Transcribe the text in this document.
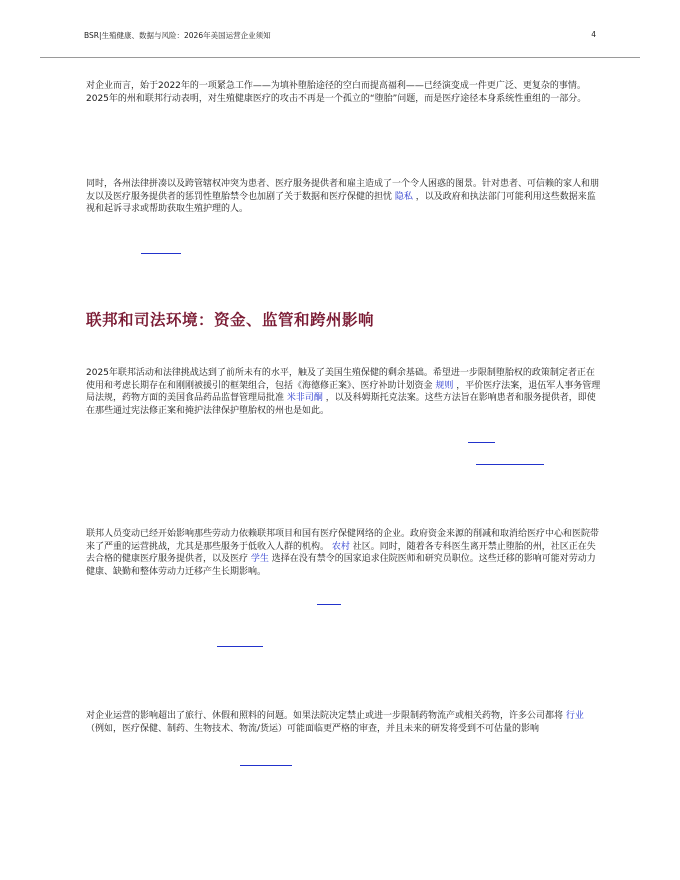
BSR|生殖健康、数据与风险：2026年美国运营企业须知	4

对企业而言，始于2022年的一项紧急工作——为填补堕胎途径的空白而提高福利——已经演变成一件更广泛、更复杂的事情。2025年的州和联邦行动表明，对生殖健康医疗的攻击不再是一个孤立的“堕胎”问题，而是医疗途径本身系统性重组的一部分。

同时，各州法律拼凑以及跨管辖权冲突为患者、医疗服务提供者和雇主造成了一个令人困惑的图景。针对患者、可信赖的家人和朋友以及医疗服务提供者的惩罚性堕胎禁令也加剧了关于数据和医疗保健的担忧 隐私 ，以及政府和执法部门可能利用这些数据来监视和起诉寻求或帮助获取生殖护理的人。

联邦和司法环境：资金、监管和跨州影响

2025年联邦活动和法律挑战达到了前所未有的水平，触及了美国生殖保健的剩余基础。希望进一步限制堕胎权的政策制定者正在使用和考虑长期存在和刚刚被援引的框架组合，包括《海德修正案》、医疗补助计划资金 规则 ，平价医疗法案，退伍军人事务管理局法规，药物方面的美国食品药品监督管理局批准 米非司酮 ，以及科姆斯托克法案。这些方法旨在影响患者和服务提供者，即使在那些通过宪法修正案和掩护法律保护堕胎权的州也是如此。

联邦人员变动已经开始影响那些劳动力依赖联邦项目和国有医疗保健网络的企业。政府资金来源的削减和取消给医疗中心和医院带来了严重的运营挑战，尤其是那些服务于低收入人群的机构。 农村 社区。同时，随着各专科医生离开禁止堕胎的州，社区正在失去合格的健康医疗服务提供者，以及医疗 学生 选择在没有禁令的国家追求住院医师和研究员职位。这些迁移的影响可能对劳动力健康、缺勤和整体劳动力迁移产生长期影响。

对企业运营的影响超出了旅行、休假和照料的问题。如果法院决定禁止或进一步限制药物流产或相关药物，许多公司都将 行业 （例如，医疗保健、制药、生物技术、物流/货运）可能面临更严格的审查，并且未来的研发将受到不可估量的影响
